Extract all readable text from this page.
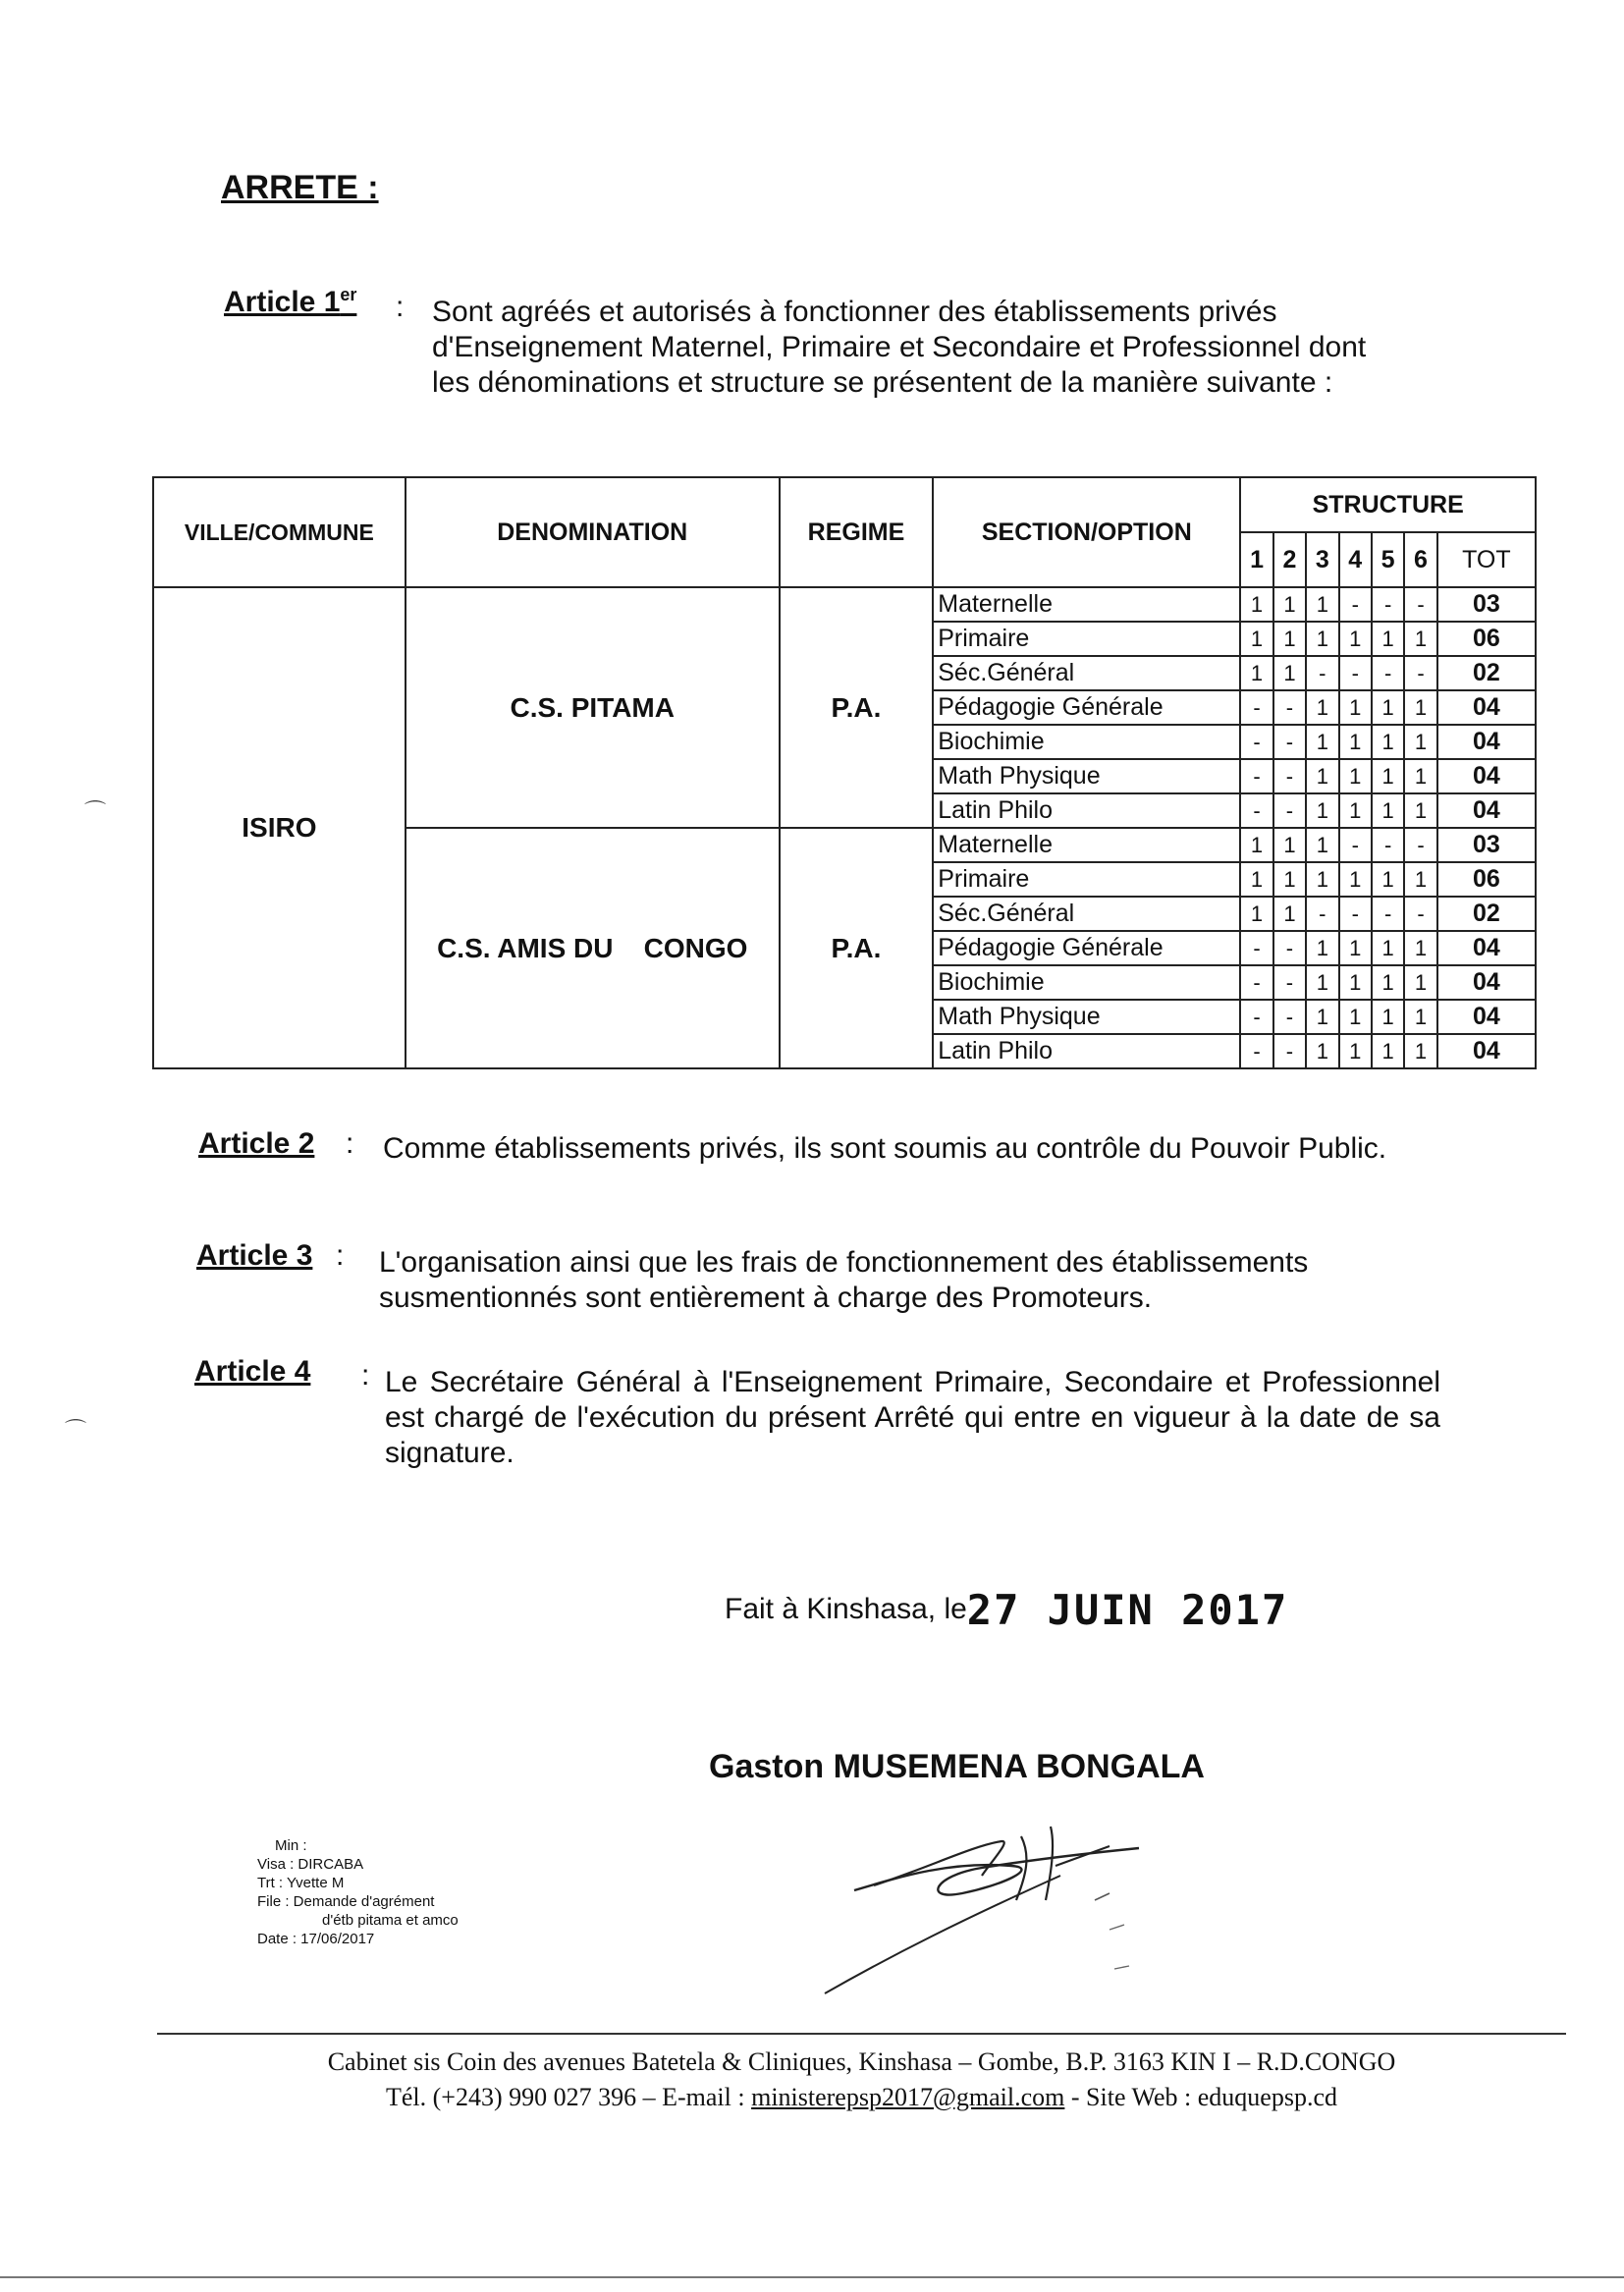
ARRETE :
Article 1er : Sont agréés et autorisés à fonctionner des établissements privés d'Enseignement Maternel, Primaire et Secondaire et Professionnel dont les dénominations et structure se présentent de la manière suivante :
VILLE/COMMUNE	DENOMINATION	REGIME	SECTION/OPTION	STRUCTURE						
				1	2	3	4	5	6	TOT
ISIRO	C.S. PITAMA	P.A.	Maternelle	1	1	1	-	-	-	03
			Primaire	1	1	1	1	1	1	06
			Séc.Général	1	1	-	-	-	-	02
			Pédagogie Générale	-	-	1	1	1	1	04
			Biochimie	-	-	1	1	1	1	04
			Math Physique	-	-	1	1	1	1	04
			Latin Philo	-	-	1	1	1	1	04
	C.S. AMIS DU    CONGO	P.A.	Maternelle	1	1	1	-	-	-	03
			Primaire	1	1	1	1	1	1	06
			Séc.Général	1	1	-	-	-	-	02
			Pédagogie Générale	-	-	1	1	1	1	04
			Biochimie	-	-	1	1	1	1	04
			Math Physique	-	-	1	1	1	1	04
			Latin Philo	-	-	1	1	1	1	04
Article 2 : Comme établissements privés, ils sont soumis au contrôle du Pouvoir Public.
Article 3 : L'organisation ainsi que les frais de fonctionnement des établissements susmentionnés sont entièrement à charge des Promoteurs.
Article 4 : Le Secrétaire Général à l'Enseignement Primaire, Secondaire et Professionnel est chargé de l'exécution du présent Arrêté qui entre en vigueur à la date de sa signature.
Fait à Kinshasa, le27 JUIN 2017
Gaston MUSEMENA BONGALA
Min :
Visa : DIRCABA
Trt : Yvette M
File : Demande d'agrément
d'étb pitama et amco
Date : 17/06/2017
Cabinet sis Coin des avenues Batetela & Cliniques, Kinshasa – Gombe, B.P. 3163 KIN I – R.D.CONGO
Tél. (+243) 990 027 396 – E-mail : ministerepsp2017@gmail.com - Site Web : eduquepsp.cd
⌒
⌒
